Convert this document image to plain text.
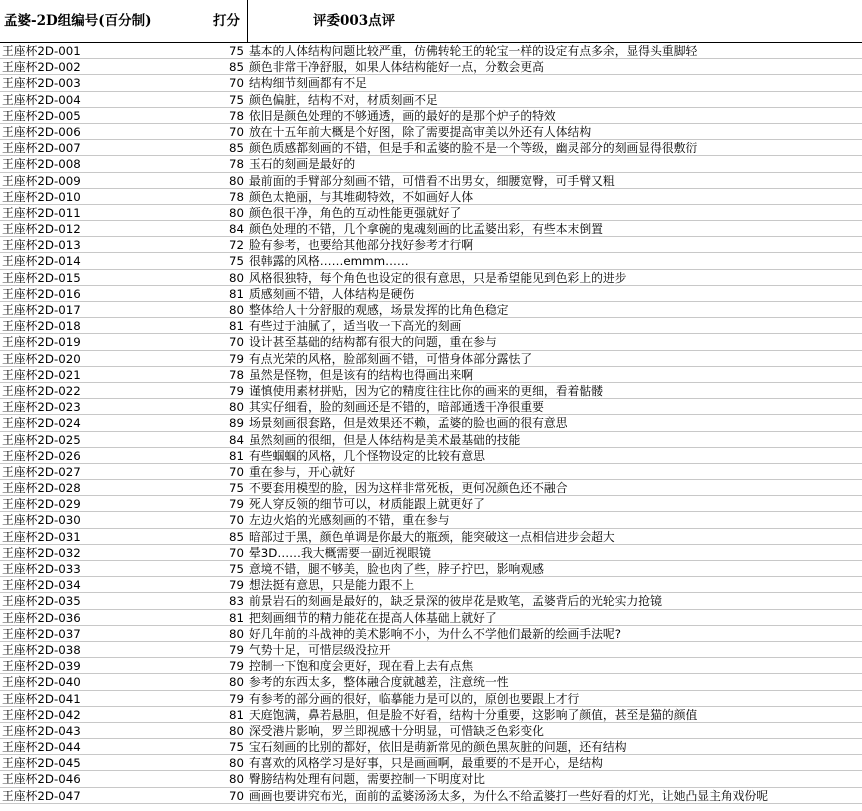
孟婆-2D组编号(百分制)	打分	评委003点评
王座杯2D-001	75 基本的人体结构问题比较严重，仿佛转轮王的轮宝一样的设定有点多余，显得头重脚轻
王座杯2D-002	85 颜色非常干净舒服，如果人体结构能好一点，分数会更高
王座杯2D-003	70 结构细节刻画都有不足
王座杯2D-004	75 颜色偏脏，结构不对，材质刻画不足
王座杯2D-005	78 依旧是颜色处理的不够通透，画的最好的是那个炉子的特效
王座杯2D-006	70 放在十五年前大概是个好图，除了需要提高审美以外还有人体结构
王座杯2D-007	85 颜色质感都刻画的不错，但是手和孟婆的脸不是一个等级，幽灵部分的刻画显得很敷衍
王座杯2D-008	78 玉石的刻画是最好的
王座杯2D-009	80 最前面的手臂部分刻画不错，可惜看不出男女，细腰宽臀，可手臂又粗
王座杯2D-010	78 颜色太艳丽，与其堆砌特效，不如画好人体
王座杯2D-011	80 颜色很干净，角色的互动性能更强就好了
王座杯2D-012	84 颜色处理的不错，几个拿碗的鬼魂刻画的比孟婆出彩，有些本末倒置
王座杯2D-013	72 脸有参考，也要给其他部分找好参考才行啊
王座杯2D-014	75 很韩露的风格……emmm……
王座杯2D-015	80 风格很独特，每个角色也设定的很有意思，只是希望能见到色彩上的进步
王座杯2D-016	81 质感刻画不错，人体结构是硬伤
王座杯2D-017	80 整体给人十分舒服的观感，场景发挥的比角色稳定
王座杯2D-018	81 有些过于油腻了，适当收一下高光的刻画
王座杯2D-019	70 设计甚至基础的结构都有很大的问题，重在参与
王座杯2D-020	79 有点光荣的风格，脸部刻画不错，可惜身体部分露怯了
王座杯2D-021	78 虽然是怪物，但是该有的结构也得画出来啊
王座杯2D-022	79 谨慎使用素材拼贴，因为它的精度往往比你的画来的更细，看着骷髅
王座杯2D-023	80 其实仔细看，脸的刻画还是不错的，暗部通透干净很重要
王座杯2D-024	89 场景刻画很套路，但是效果还不赖，孟婆的脸也画的很有意思
王座杯2D-025	84 虽然刻画的很细，但是人体结构是美术最基础的技能
王座杯2D-026	81 有些蝈蝈的风格，几个怪物设定的比较有意思
王座杯2D-027	70 重在参与，开心就好
王座杯2D-028	75 不要套用模型的脸，因为这样非常死板，更何况颜色还不融合
王座杯2D-029	79 死人穿反领的细节可以，材质能跟上就更好了
王座杯2D-030	70 左边火焰的光感刻画的不错，重在参与
王座杯2D-031	85 暗部过于黑，颜色单调是你最大的瓶颈，能突破这一点相信进步会超大
王座杯2D-032	70 晕3D……我大概需要一副近视眼镜
王座杯2D-033	75 意境不错，腿不够美，脸也肉了些，脖子拧巴，影响观感
王座杯2D-034	79 想法挺有意思，只是能力跟不上
王座杯2D-035	83 前景岩石的刻画是最好的，缺乏景深的彼岸花是败笔，孟婆背后的光轮实力抢镜
王座杯2D-036	81 把刻画细节的精力能花在提高人体基础上就好了
王座杯2D-037	80 好几年前的斗战神的美术影响不小，为什么不学他们最新的绘画手法呢?
王座杯2D-038	79 气势十足，可惜层级没拉开
王座杯2D-039	79 控制一下饱和度会更好，现在看上去有点焦
王座杯2D-040	80 参考的东西太多，整体融合度就越差，注意统一性
王座杯2D-041	79 有参考的部分画的很好，临摹能力是可以的，原创也要跟上才行
王座杯2D-042	81 天庭饱满，鼻若悬胆，但是脸不好看，结构十分重要，这影响了颜值，甚至是猫的颜值
王座杯2D-043	80 深受港片影响，罗兰即视感十分明显，可惜缺乏色彩变化
王座杯2D-044	75 宝石刻画的比别的都好，依旧是萌新常见的颜色黑灰脏的问题，还有结构
王座杯2D-045	80 有喜欢的风格学习是好事，只是画画啊，最重要的不是开心，是结构
王座杯2D-046	80 臀膀结构处理有问题，需要控制一下明度对比
王座杯2D-047	70 画画也要讲究布光，面前的孟婆汤汤太多，为什么不给孟婆打一些好看的灯光，让她凸显主角戏份呢
